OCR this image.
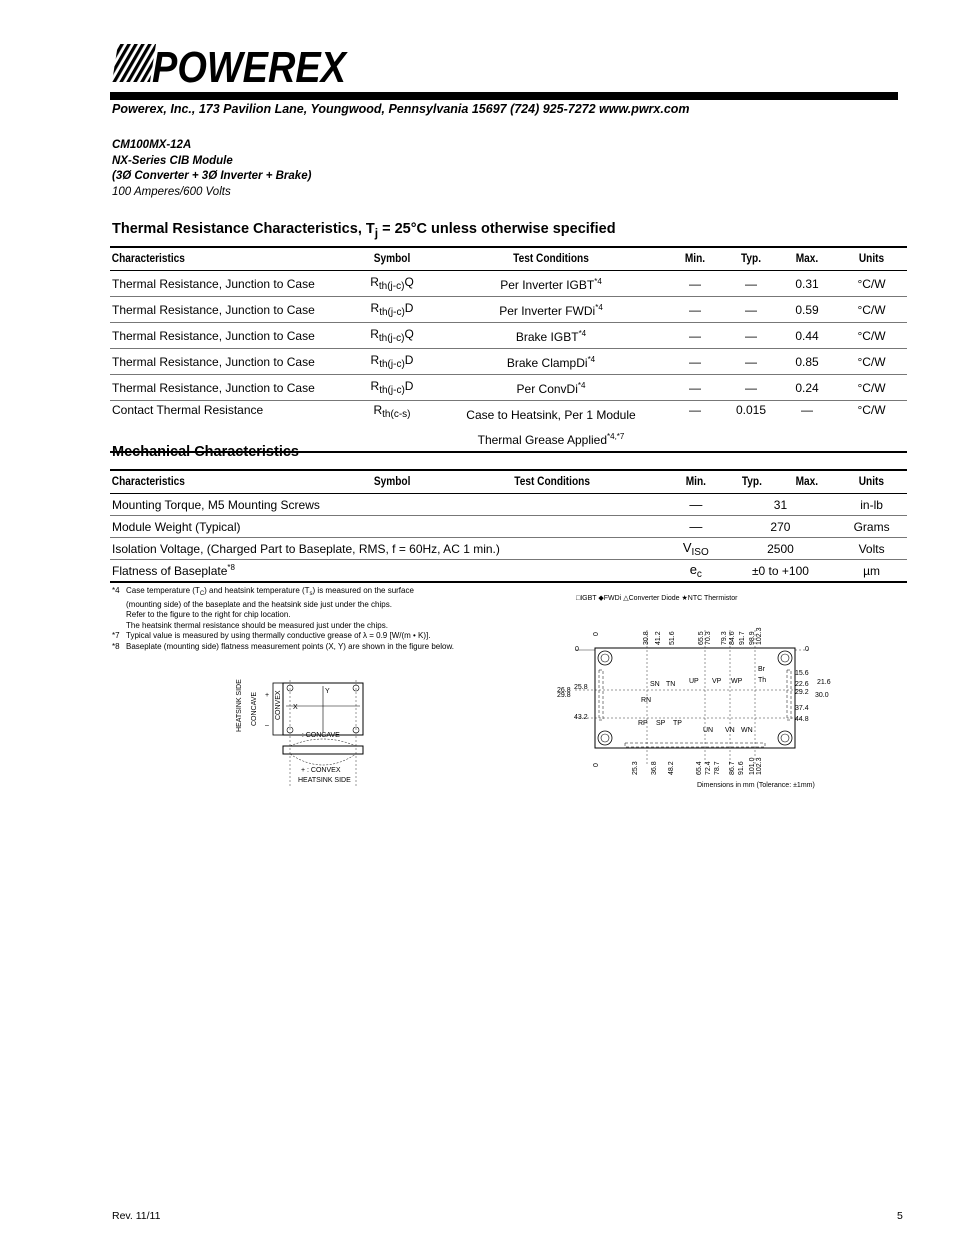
POWEREX
Powerex, Inc., 173 Pavilion Lane, Youngwood, Pennsylvania 15697 (724) 925-7272 www.pwrx.com
CM100MX-12A
NX-Series CIB Module
(3Ø Converter + 3Ø Inverter + Brake)
100 Amperes/600 Volts
Thermal Resistance Characteristics, $T_j = 25^\circ C$ unless otherwise specified
Characteristics	Symbol	Test Conditions	Min.	Typ.	Max.	Units
Thermal Resistance, Junction to Case	$R_{th(j-c)}Q$	Per Inverter IGBT$^{*4}$	—	—	0.31	°C/W
Thermal Resistance, Junction to Case	$R_{th(j-c)}D$	Per Inverter FWDi$^{*4}$	—	—	0.59	°C/W
Thermal Resistance, Junction to Case	$R_{th(j-c)}Q$	Brake IGBT$^{*4}$	—	—	0.44	°C/W
Thermal Resistance, Junction to Case	$R_{th(j-c)}D$	Brake ClampDi$^{*4}$	—	—	0.85	°C/W
Thermal Resistance, Junction to Case	$R_{th(j-c)}D$	Per ConvDi$^{*4}$	—	—	0.24	°C/W
Contact Thermal Resistance	$R_{th(c-s)}$	Case to Heatsink, Per 1 Module
Thermal Grease Applied$^{*4,*7}$	—	0.015	—	°C/W
Mechanical Characteristics
Characteristics	Symbol	Test Conditions	Min.	Typ.	Max.	Units
Mounting Torque, M5 Mounting Screws			—	31		in-lb
Module Weight (Typical)			—	270		Grams
Isolation Voltage, (Charged Part to Baseplate, RMS, f = 60Hz, AC 1 min.)			$V_{ISO}$	2500		Volts
Flatness of Baseplate$^{*8}$			$e_c$	±0 to +100		µm
*4 Case temperature $(T_C)$ and heatsink temperature $(T_s)$ is measured on the surface
(mounting side) of the baseplate and the heatsink side just under the chips.
Refer to the figure to the right for chip location.
The heatsink thermal resistance should be measured just under the chips.
*7 Typical value is measured by using thermally conductive grease of λ = 0.9 [W/(m • K)].
*8 Baseplate (mounting side) flatness measurement points (X, Y) are shown in the figure below.
HEATSINK SIDE CONCAVE CONVEX
+
–
Y
X
– : CONCAVE
+ : CONVEX
HEATSINK SIDE
□IGBT ◆FWDi △Converter Diode ★NTC Thermistor
SN TN
RN
RP SP TP
UP VP WP
UN VN WN
Br
Th
30.8 41.2 51.6	65.5 70.3 79.3 84.6 91.7 98.9 102.3
25.3 36.8 48.2	65.4 72.4 78.7 86.7 91.6 101.0 102.3
0
25.8
26.8
29.8
43.2
0
15.6
21.6
22.6
29.2 30.0
37.4
44.8
0
0
Dimensions in mm (Tolerance: ±1mm)
Rev. 11/11	5
